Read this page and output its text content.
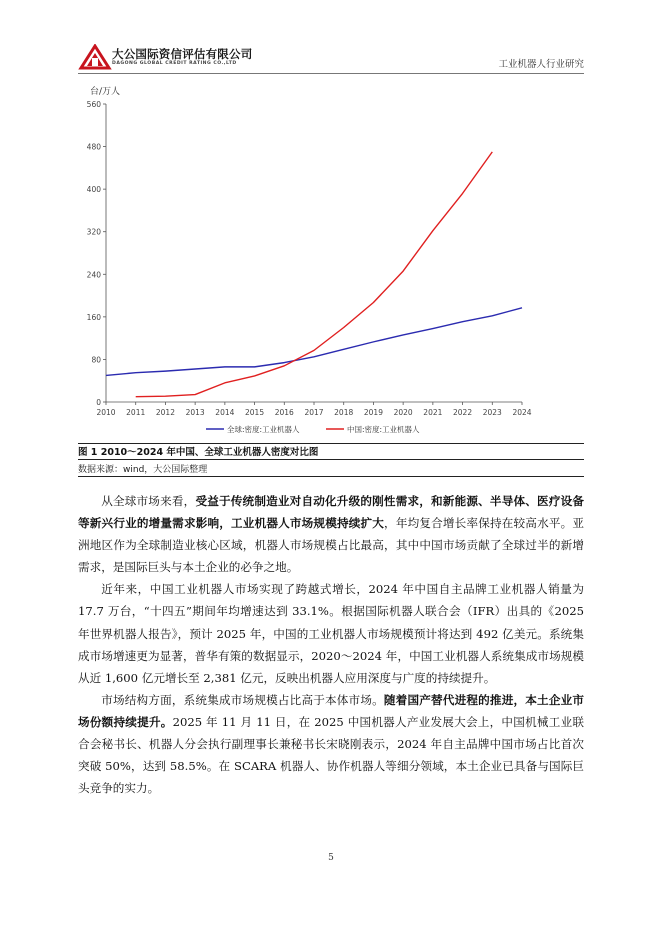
大公国际资信评估有限公司
DAGONG GLOBAL CREDIT RATING CO.,LTD	工业机器人行业研究
台/万人
0
80
160
240
320
400
480
560
2010 2011 2012 2013 2014 2015 2016 2017 2018 2019 2020 2021 2022 2023 2024
全球:密度:工业机器人	中国:密度:工业机器人
图 1 2010～2024 年中国、全球工业机器人密度对比图
数据来源：wind，大公国际整理

从全球市场来看，受益于传统制造业对自动化升级的刚性需求，和新能源、半导体、医疗设备等新兴行业的增量需求影响，工业机器人市场规模持续扩大，年均复合增长率保持在较高水平。亚洲地区作为全球制造业核心区域，机器人市场规模占比最高，其中中国市场贡献了全球过半的新增需求，是国际巨头与本土企业的必争之地。

近年来，中国工业机器人市场实现了跨越式增长，2024 年中国自主品牌工业机器人销量为 17.7 万台，“十四五”期间年均增速达到 33.1%。根据国际机器人联合会（IFR）出具的《2025 年世界机器人报告》，预计 2025 年，中国的工业机器人市场规模预计将达到 492 亿美元。系统集成市场增速更为显著，普华有策的数据显示，2020～2024 年，中国工业机器人系统集成市场规模从近 1,600 亿元增长至 2,381 亿元，反映出机器人应用深度与广度的持续提升。

市场结构方面，系统集成市场规模占比高于本体市场。随着国产替代进程的推进，本土企业市场份额持续提升。2025 年 11 月 11 日，在 2025 中国机器人产业发展大会上，中国机械工业联合会秘书长、机器人分会执行副理事长兼秘书长宋晓刚表示，2024 年自主品牌中国市场占比首次突破 50%，达到 58.5%。在 SCARA 机器人、协作机器人等细分领域，本土企业已具备与国际巨头竞争的实力。

5
